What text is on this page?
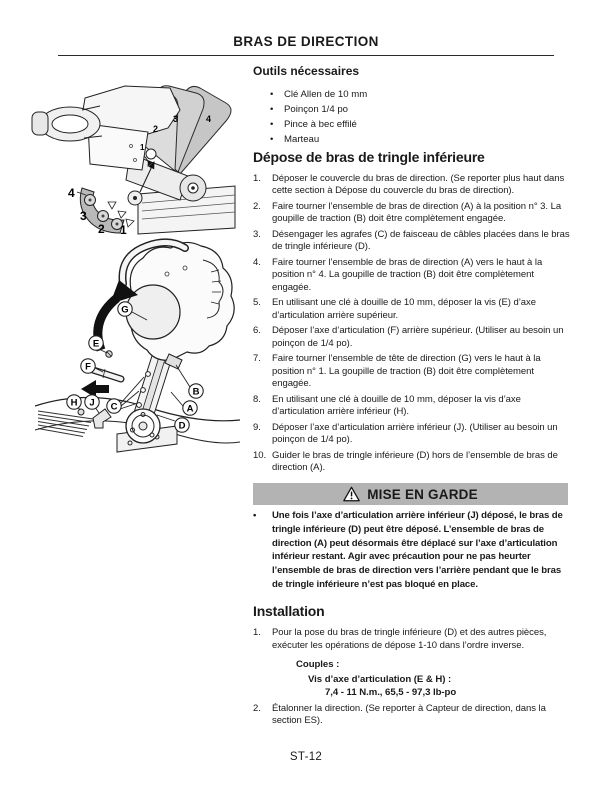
BRAS DE DIRECTION
1
4
3
2 1
2
3	4
G
E
F
H J C
B
A
D
Outils nécessaires
•	Clé Allen de 10 mm
•	Poinçon 1/4 po
•	Pince à bec effilé
•	Marteau
Dépose de bras de tringle inférieure
1.	Déposer le couvercle du bras de direction. (Se reporter plus haut dans cette section à Dépose du couvercle du bras de direction).
2.	Faire tourner l’ensemble de bras de direction (A) à la position n° 3. La goupille de traction (B) doit être complètement engagée.
3.	Désengager les agrafes (C) de faisceau de câbles placées dans le bras de tringle inférieure (D).
4.	Faire tourner l’ensemble de bras de direction (A) vers le haut à la position n° 4. La goupille de traction (B) doit être complètement engagée.
5.	En utilisant une clé à douille de 10 mm, déposer la vis (E) d’axe d’articulation arrière supérieur.
6.	Déposer l’axe d’articulation (F) arrière supérieur. (Utiliser au besoin un poinçon de 1/4 po).
7.	Faire tourner l’ensemble de tête de direction (G) vers le haut à la position n° 1. La goupille de traction (B) doit être complètement engagée.
8.	En utilisant une clé à douille de 10 mm, déposer la vis d’axe d’articulation arrière inférieur (H).
9.	Déposer l’axe d’articulation arrière inférieur (J). (Utiliser au besoin un poinçon de 1/4 po).
10. Guider le bras de tringle inférieure (D) hors de l’ensemble de bras de direction (A).
MISE EN GARDE
•	Une fois l’axe d’articulation arrière inférieur (J) déposé, le bras de tringle inférieure (D) peut être déposé. L’ensemble de bras de direction (A) peut désormais être déplacé sur l’axe d’articulation inférieur restant. Agir avec précaution pour ne pas heurter l’ensemble de bras de direction vers l’arrière pendant que le bras de tringle inférieure n’est pas bloqué en place.
Installation
1.	Pour la pose du bras de tringle inférieure (D) et des autres pièces, exécuter les opérations de dépose 1-10 dans l’ordre inverse.
Couples :
Vis d’axe d’articulation (E & H) :
7,4 - 11 N.m., 65,5 - 97,3 lb-po
2.	Étalonner la direction. (Se reporter à Capteur de direction, dans la section ES).
ST-12
